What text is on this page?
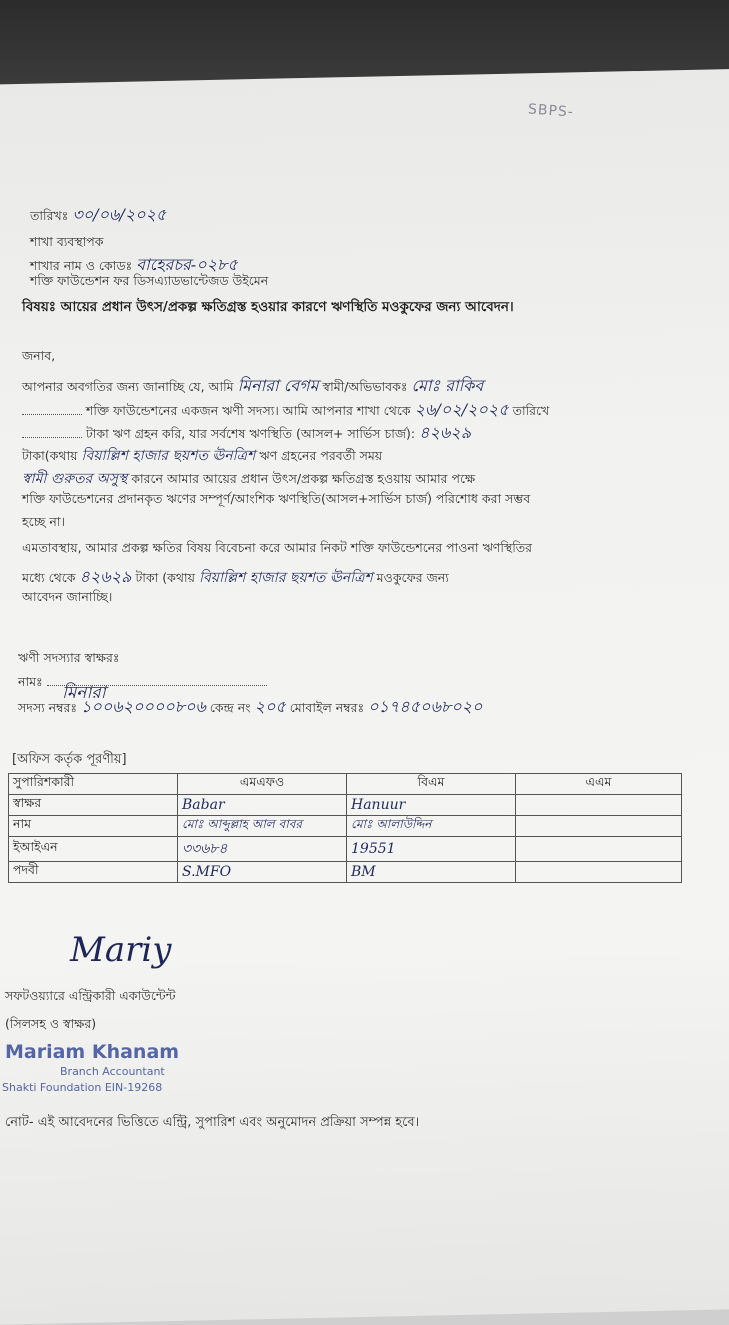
SBPS-
তারিখঃ ৩০/০৬/২০২৫
শাখা ব্যবস্থাপক
শাখার নাম ও কোডঃ বাহেরচর-০২৮৫
শক্তি ফাউন্ডেশন ফর ডিসএ্যাডভান্টেজড উইমেন
বিষয়ঃ আয়ের প্রধান উৎস/প্রকল্প ক্ষতিগ্রস্ত হওয়ার কারণে ঋণস্থিতি মওকুফের জন্য আবেদন।
জনাব,
আপনার অবগতির জন্য জানাচ্ছি যে, আমি মিনারা বেগম স্বামী/অভিভাবকঃ মোঃ রাকিব
শক্তি ফাউন্ডেশনের একজন ঋণী সদস্য। আমি আপনার শাখা থেকে ২৬/০২/২০২৫ তারিখে
টাকা ঋণ গ্রহন করি, যার সর্বশেষ ঋণস্থিতি (আসল+ সার্ভিস চার্জ): ৪২৬২৯
টাকা(কথায় বিয়াল্লিশ হাজার ছয়শত ঊনত্রিশ ঋণ গ্রহনের পরবর্তী সময়
স্বামী গুরুতর অসুস্থ কারনে আমার আয়ের প্রধান উৎস/প্রকল্প ক্ষতিগ্রস্ত হওয়ায় আমার পক্ষে
শক্তি ফাউন্ডেশনের প্রদানকৃত ঋণের সম্পূর্ণ/আংশিক ঋণস্থিতি(আসল+সার্ভিস চার্জ) পরিশোধ করা সম্ভব
হচ্ছে না।
এমতাবস্থায়, আমার প্রকল্প ক্ষতির বিষয় বিবেচনা করে আমার নিকট শক্তি ফাউন্ডেশনের পাওনা ঋণস্থিতির
মধ্যে থেকে ৪২৬২৯ টাকা (কথায় বিয়াল্লিশ হাজার ছয়শত ঊনত্রিশ মওকুফের জন্য
আবেদন জানাচ্ছি।
ঋণী সদস্যার স্বাক্ষরঃ
নামঃ
মিনারা
সদস্য নম্বরঃ ১০০৬২০০০০৮০৬ কেন্দ্র নং ২০৫ মোবাইল নম্বরঃ ০১৭৪৫০৬৮০২০
[অফিস কর্তৃক পূরণীয়]
সুপারিশকারী	এমএফও	বিএম	এএম
স্বাক্ষর	Babar	Hanuur	
নাম	মোঃ আব্দুল্লাহ আল বাবর	মোঃ আলাউদ্দিন	
ইআইএন	৩৩৬৮৪	19551	
পদবী	S.MFO	BM	
Mariy
সফটওয়্যারে এন্ট্রিকারী একাউন্টেন্ট
(সিলসহ ও স্বাক্ষর)
Mariam Khanam
Branch Accountant
Shakti Foundation EIN-19268
নোট- এই আবেদনের ভিত্তিতে এন্ট্রি, সুপারিশ এবং অনুমোদন প্রক্রিয়া সম্পন্ন হবে।
